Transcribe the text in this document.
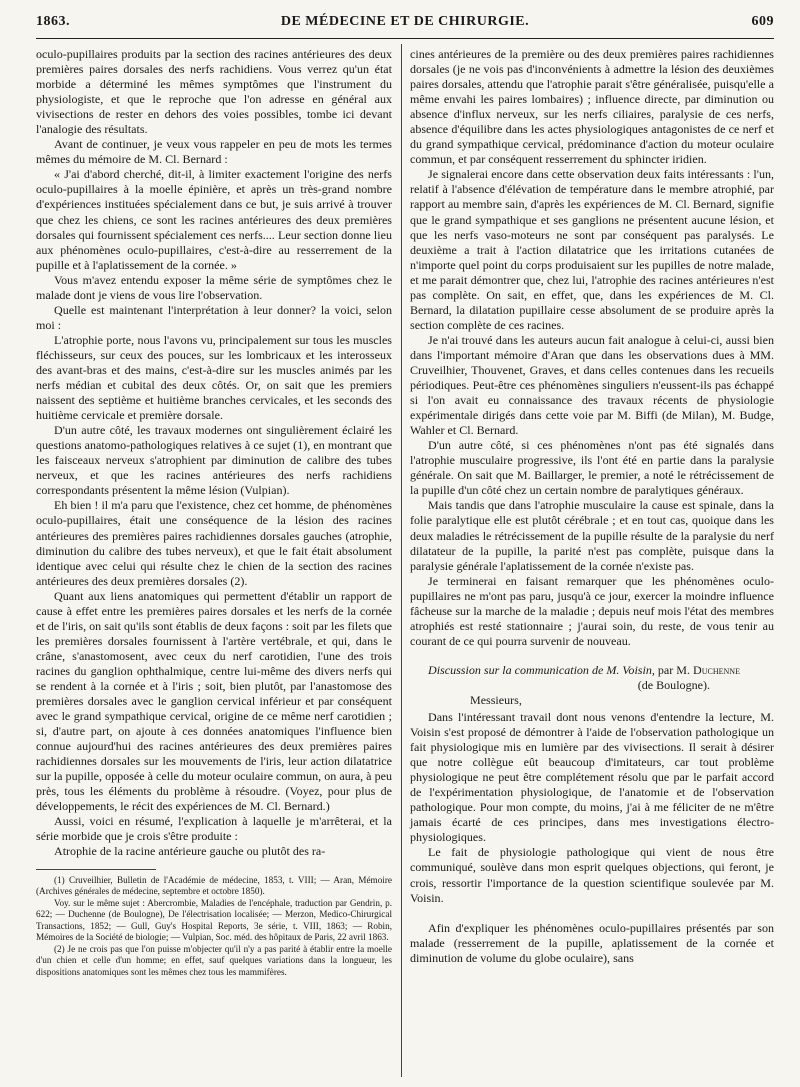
1863.	DE MÉDECINE ET DE CHIRURGIE.	609

oculo-pupillaires produits par la section des racines antérieures des deux premières paires dorsales des nerfs rachidiens. Vous verrez qu'un état morbide a déterminé les mêmes symptômes que l'instrument du physiologiste, et que le reproche que l'on adresse en général aux vivisections de rester en dehors des voies possibles, tombe ici devant l'analogie des résultats.

Avant de continuer, je veux vous rappeler en peu de mots les termes mêmes du mémoire de M. Cl. Bernard :

« J'ai d'abord cherché, dit-il, à limiter exactement l'origine des nerfs oculo-pupillaires à la moelle épinière, et après un très-grand nombre d'expériences instituées spécialement dans ce but, je suis arrivé à trouver que chez les chiens, ce sont les racines antérieures des deux premières dorsales qui fournissent spécialement ces nerfs.... Leur section donne lieu aux phénomènes oculo-pupillaires, c'est-à-dire au resserrement de la pupille et à l'aplatissement de la cornée. »

Vous m'avez entendu exposer la même série de symptômes chez le malade dont je viens de vous lire l'observation.

Quelle est maintenant l'interprétation à leur donner? la voici, selon moi :

L'atrophie porte, nous l'avons vu, principalement sur tous les muscles fléchisseurs, sur ceux des pouces, sur les lombricaux et les interosseux des avant-bras et des mains, c'est-à-dire sur les muscles animés par les nerfs médian et cubital des deux côtés. Or, on sait que les premiers naissent des septième et huitième branches cervicales, et les seconds des huitième cervicale et première dorsale.

D'un autre côté, les travaux modernes ont singulièrement éclairé les questions anatomo-pathologiques relatives à ce sujet (1), en montrant que les faisceaux nerveux s'atrophient par diminution de calibre des tubes nerveux, et que les racines antérieures des nerfs rachidiens correspondants présentent la même lésion (Vulpian).

Eh bien ! il m'a paru que l'existence, chez cet homme, de phénomènes oculo-pupillaires, était une conséquence de la lésion des racines antérieures des premières paires rachidiennes dorsales gauches (atrophie, diminution du calibre des tubes nerveux), et que le fait était absolument identique avec celui qui résulte chez le chien de la section des racines antérieures des deux premières dorsales (2).

Quant aux liens anatomiques qui permettent d'établir un rapport de cause à effet entre les premières paires dorsales et les nerfs de la cornée et de l'iris, on sait qu'ils sont établis de deux façons : soit par les filets que les premières dorsales fournissent à l'artère vertébrale, et qui, dans le crâne, s'anastomosent, avec ceux du nerf carotidien, l'une des trois racines du ganglion ophthalmique, centre lui-même des divers nerfs qui se rendent à la cornée et à l'iris ; soit, bien plutôt, par l'anastomose des premières dorsales avec le ganglion cervical inférieur et par conséquent avec le grand sympathique cervical, origine de ce même nerf carotidien ; si, d'autre part, on ajoute à ces données anatomiques l'influence bien connue aujourd'hui des racines antérieures des deux premières paires rachidiennes dorsales sur les mouvements de l'iris, leur action dilatatrice sur la pupille, opposée à celle du moteur oculaire commun, on aura, à peu près, tous les éléments du problème à résoudre. (Voyez, pour plus de développements, le récit des expériences de M. Cl. Bernard.)

Aussi, voici en résumé, l'explication à laquelle je m'arrêterai, et la série morbide que je crois s'être produite :

Atrophie de la racine antérieure gauche ou plutôt des ra-

(1) Cruveilhier, Bulletin de l'Académie de médecine, 1853, t. VIII; — Aran, Mémoire (Archives générales de médecine, septembre et octobre 1850).

Voy. sur le même sujet : Abercrombie, Maladies de l'encéphale, traduction par Gendrin, p. 622; — Duchenne (de Boulogne), De l'électrisation localisée; — Merzon, Medico-Chirurgical Transactions, 1852; — Gull, Guy's Hospital Reports, 3e série, t. VIII, 1863; — Robin, Mémoires de la Société de biologie; — Vulpian, Soc. méd. des hôpitaux de Paris, 22 avril 1863.

(2) Je ne crois pas que l'on puisse m'objecter qu'il n'y a pas parité à établir entre la moelle d'un chien et celle d'un homme; en effet, sauf quelques variations dans la longueur, les dispositions anatomiques sont les mêmes chez tous les mammifères.

cines antérieures de la première ou des deux premières paires rachidiennes dorsales (je ne vois pas d'inconvénients à admettre la lésion des deuxièmes paires dorsales, attendu que l'atrophie parait s'être généralisée, puisqu'elle a même envahi les paires lombaires) ; influence directe, par diminution ou absence d'influx nerveux, sur les nerfs ciliaires, paralysie de ces nerfs, absence d'équilibre dans les actes physiologiques antagonistes de ce nerf et du grand sympathique cervical, prédominance d'action du moteur oculaire commun, et par conséquent resserrement du sphincter iridien.

Je signalerai encore dans cette observation deux faits intéressants : l'un, relatif à l'absence d'élévation de température dans le membre atrophié, par rapport au membre sain, d'après les expériences de M. Cl. Bernard, signifie que le grand sympathique et ses ganglions ne présentent aucune lésion, et que les nerfs vaso-moteurs ne sont par conséquent pas paralysés. Le deuxième a trait à l'action dilatatrice que les irritations cutanées de n'importe quel point du corps produisaient sur les pupilles de notre malade, et me parait démontrer que, chez lui, l'atrophie des racines antérieures n'est pas complète. On sait, en effet, que, dans les expériences de M. Cl. Bernard, la dilatation pupillaire cesse absolument de se produire après la section complète de ces racines.

Je n'ai trouvé dans les auteurs aucun fait analogue à celui-ci, aussi bien dans l'important mémoire d'Aran que dans les observations dues à MM. Cruveilhier, Thouvenet, Graves, et dans celles contenues dans les recueils périodiques. Peut-être ces phénomènes singuliers n'eussent-ils pas échappé si l'on avait eu connaissance des travaux récents de physiologie expérimentale dirigés dans cette voie par M. Biffi (de Milan), M. Budge, Wahler et Cl. Bernard.

D'un autre côté, si ces phénomènes n'ont pas été signalés dans l'atrophie musculaire progressive, ils l'ont été en partie dans la paralysie générale. On sait que M. Baillarger, le premier, a noté le rétrécissement de la pupille d'un côté chez un certain nombre de paralytiques généraux.

Mais tandis que dans l'atrophie musculaire la cause est spinale, dans la folie paralytique elle est plutôt cérébrale ; et en tout cas, quoique dans les deux maladies le rétrécissement de la pupille résulte de la paralysie du nerf dilatateur de la pupille, la parité n'est pas complète, puisque dans la paralysie générale l'aplatissement de la cornée n'existe pas.

Je terminerai en faisant remarquer que les phénomènes oculo-pupillaires ne m'ont pas paru, jusqu'à ce jour, exercer la moindre influence fâcheuse sur la marche de la maladie ; depuis neuf mois l'état des membres atrophiés est resté stationnaire ; j'aurai soin, du reste, de vous tenir au courant de ce qui pourra survenir de nouveau.

Discussion sur la communication de M. Voisin, par M. Duchenne

(de Boulogne).

Messieurs,

Dans l'intéressant travail dont nous venons d'entendre la lecture, M. Voisin s'est proposé de démontrer à l'aide de l'observation pathologique un fait physiologique mis en lumière par des vivisections. Il serait à désirer que notre collègue eût beaucoup d'imitateurs, car tout problème physiologique ne peut être complétement résolu que par le parfait accord de l'expérimentation physiologique, de l'anatomie et de l'observation pathologique. Pour mon compte, du moins, j'ai à me féliciter de ne m'être jamais écarté de ces principes, dans mes investigations électro-physiologiques.

Le fait de physiologie pathologique qui vient de nous être communiqué, soulève dans mon esprit quelques objections, qui feront, je crois, ressortir l'importance de la question scientifique soulevée par M. Voisin.

Afin d'expliquer les phénomènes oculo-pupillaires présentés par son malade (resserrement de la pupille, aplatissement de la cornée et diminution de volume du globe oculaire), sans
